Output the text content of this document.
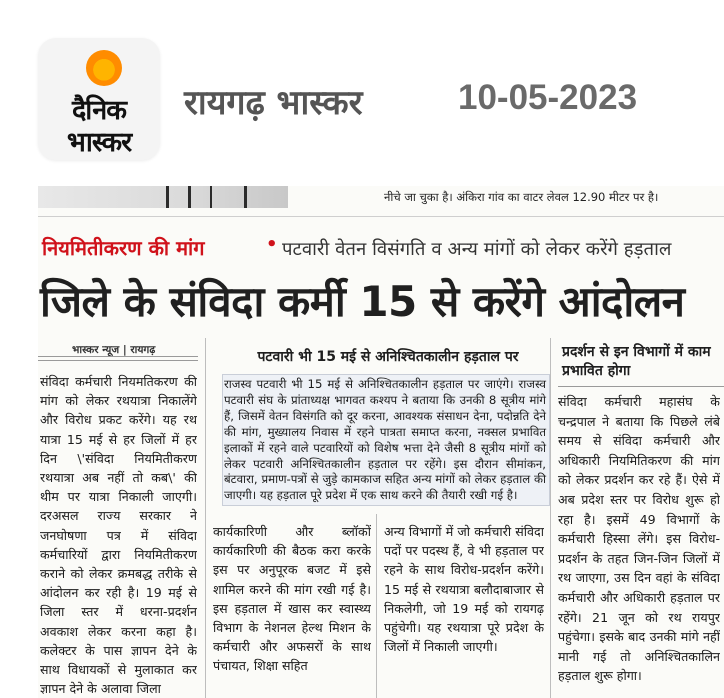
दैनिक
भास्कर
रायगढ़ भास्कर	10-05-2023
नीचे जा चुका है। अंकिरा गांव का वाटर लेवल 12.90 मीटर पर है।
नियमितीकरण की मांग	• पटवारी वेतन विसंगति व अन्य मांगों को लेकर करेंगे हड़ताल
जिले के संविदा कर्मी 15 से करेंगे आंदोलन
भास्कर न्यूज | रायगढ़

संविदा कर्मचारी नियमतिकरण की मांग को लेकर रथयात्रा निकालेंगे और विरोध प्रकट करेंगे। यह रथ यात्रा 15 मई से हर जिलों में हर दिन \'संविदा नियमितीकरण रथयात्रा अब नहीं तो कब\' की थीम पर यात्रा निकाली जाएगी। दरअसल राज्य सरकार ने जनघोषणा पत्र में संविदा कर्मचारियों द्वारा नियमितीकरण कराने को लेकर क्रमबद्ध तरीके से आंदोलन कर रही है। 19 मई से जिला स्तर में धरना-प्रदर्शन अवकाश लेकर करना कहा है। कलेक्टर के पास ज्ञापन देने के साथ विधायकों से मुलाकात कर ज्ञापन देने के अलावा जिला

पटवारी भी 15 मई से अनिश्चितकालीन हड़ताल पर
राजस्व पटवारी भी 15 मई से अनिश्चितकालीन हड़ताल पर जाएंगे। राजस्व पटवारी संघ के प्रांताध्यक्ष भागवत कश्यप ने बताया कि उनकी 8 सूत्रीय मांगे हैं, जिसमें वेतन विसंगति को दूर करना, आवश्यक संसाधन देना, पदोन्नति देने की मांग, मुख्यालय निवास में रहने पात्रता समाप्त करना, नक्सल प्रभावित इलाकों में रहने वाले पटवारियों को विशेष भत्ता देने जैसी 8 सूत्रीय मांगों को लेकर पटवारी अनिश्चितकालीन हड़ताल पर रहेंगे। इस दौरान सीमांकन, बंटवारा, प्रमाण-पत्रों से जुड़े कामकाज सहित अन्य मांगों को लेकर हड़ताल की जाएगी। यह हड़ताल पूरे प्रदेश में एक साथ करने की तैयारी रखी गई है।

कार्यकारिणी और ब्लॉकों कार्यकारिणी की बैठक करा करके इस पर अनुपूरक बजट में इसे शामिल करने की मांग रखी गई है। इस हड़ताल में खास कर स्वास्थ्य विभाग के नेशनल हेल्थ मिशन के कर्मचारी और अफसरों के साथ पंचायत, शिक्षा सहित

अन्य विभागों में जो कर्मचारी संविदा पदों पर पदस्थ हैं, वे भी हड़ताल पर रहने के साथ विरोध-प्रदर्शन करेंगे। 15 मई से रथयात्रा बलौदाबाजार से निकलेगी, जो 19 मई को रायगढ़ पहुंचेगी। यह रथयात्रा पूरे प्रदेश के जिलों में निकाली जाएगी।

प्रदर्शन से इन विभागों में काम प्रभावित होगा

संविदा कर्मचारी महासंघ के चन्द्रपाल ने बताया कि पिछले लंबे समय से संविदा कर्मचारी और अधिकारी नियमितिकरण की मांग को लेकर प्रदर्शन कर रहे हैं। ऐसे में अब प्रदेश स्तर पर विरोध शुरू हो रहा है। इसमें 49 विभागों के कर्मचारी हिस्सा लेंगे। इस विरोध-प्रदर्शन के तहत जिन-जिन जिलों में रथ जाएगा, उस दिन वहां के संविदा कर्मचारी और अधिकारी हड़ताल पर रहेंगे। 21 जून को रथ रायपुर पहुंचेगा। इसके बाद उनकी मांगे नहीं मानी गई तो अनिश्चितकालिन हड़ताल शुरू होगा।
